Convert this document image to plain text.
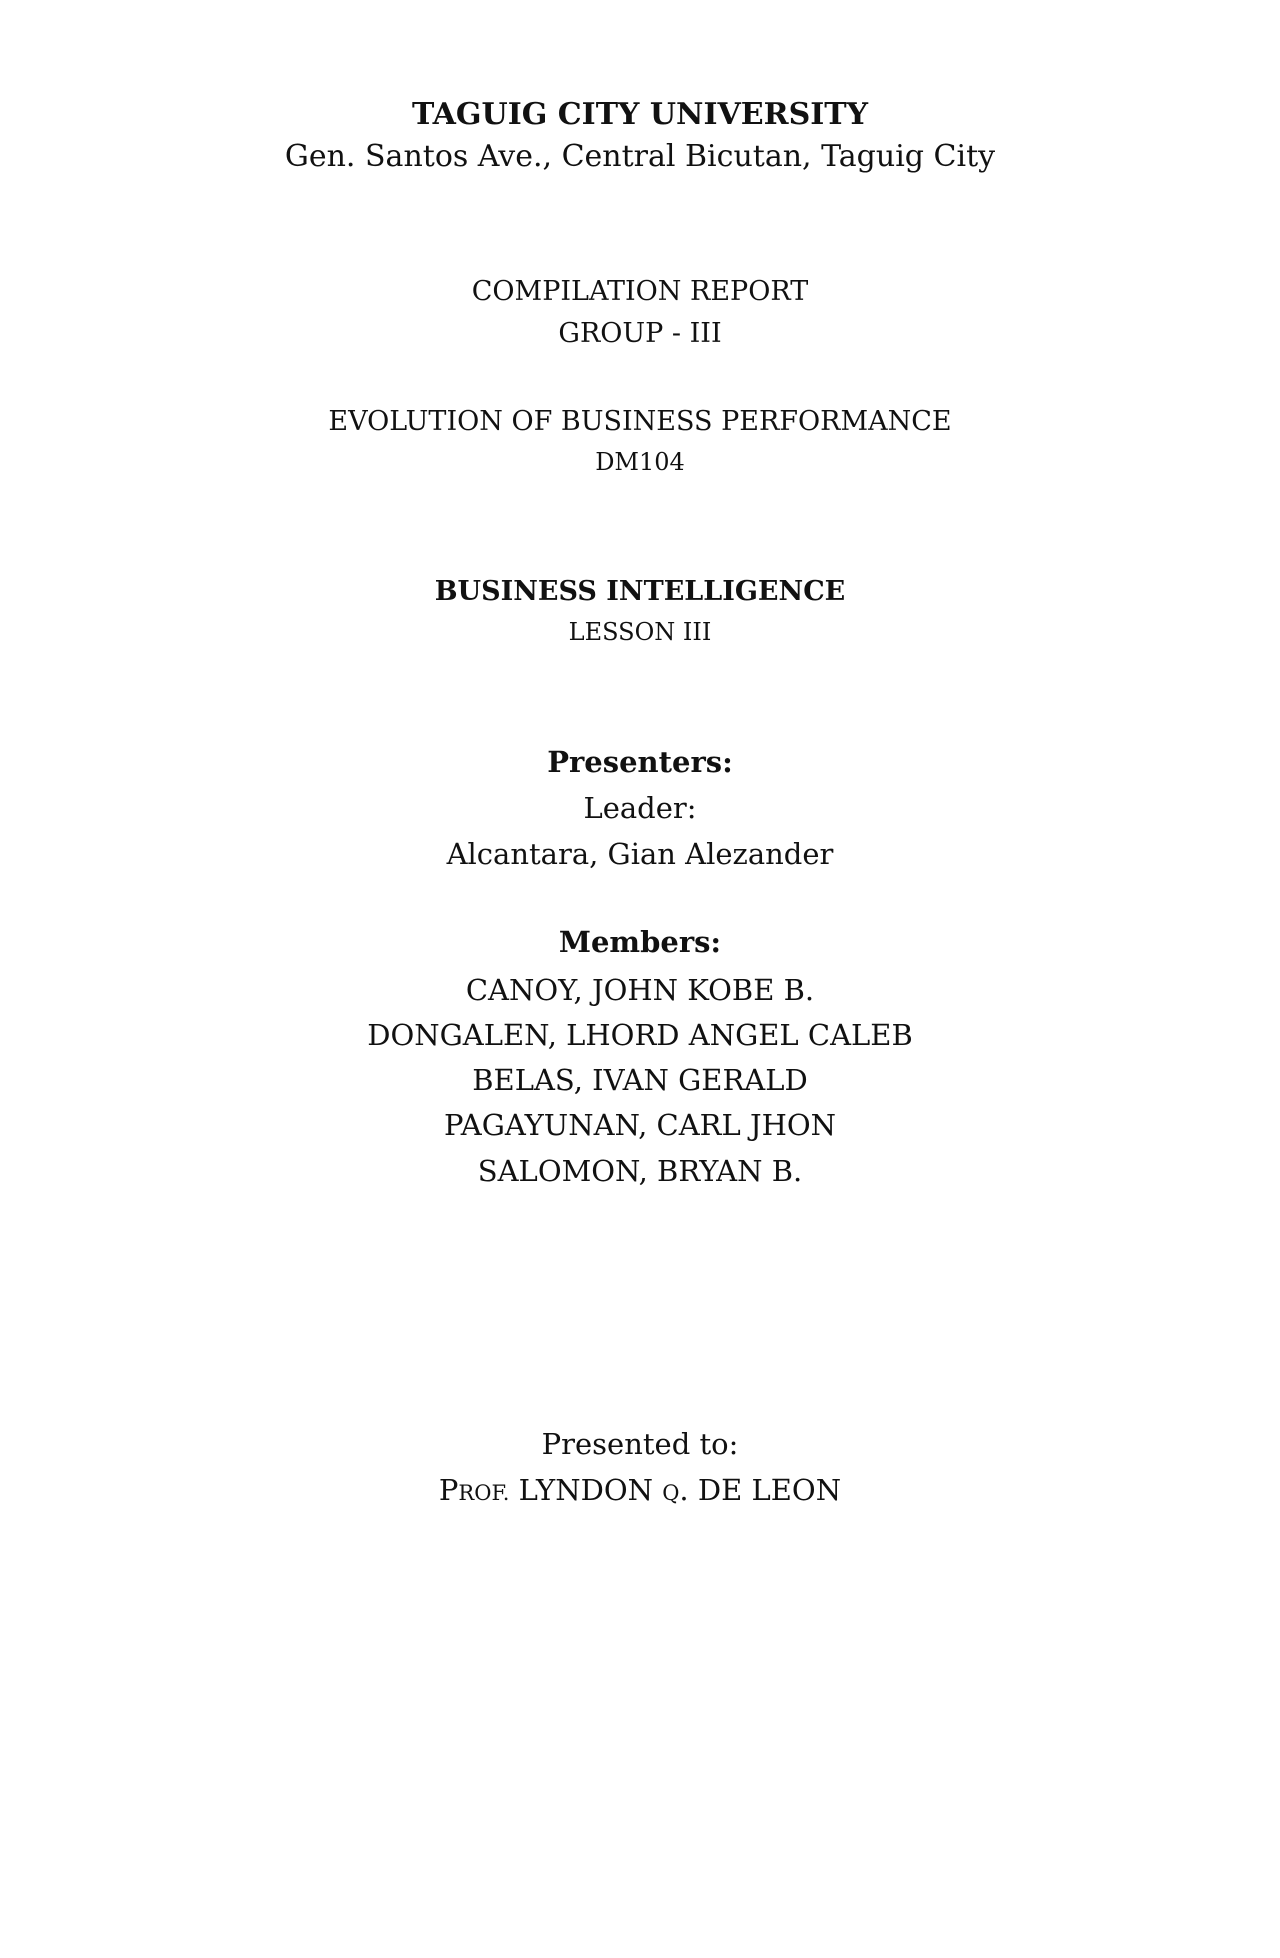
TAGUIG CITY UNIVERSITY
Gen. Santos Ave., Central Bicutan, Taguig City
COMPILATION REPORT
GROUP - III
EVOLUTION OF BUSINESS PERFORMANCE
DM104
BUSINESS INTELLIGENCE
LESSON III
Presenters:
Leader:
Alcantara, Gian Alezander
Members:
CANOY, JOHN KOBE B.
DONGALEN, LHORD ANGEL CALEB
BELAS, IVAN GERALD
PAGAYUNAN, CARL JHON
SALOMON, BRYAN B.
Presented to:
PROF. LYNDON Q. DE LEON
